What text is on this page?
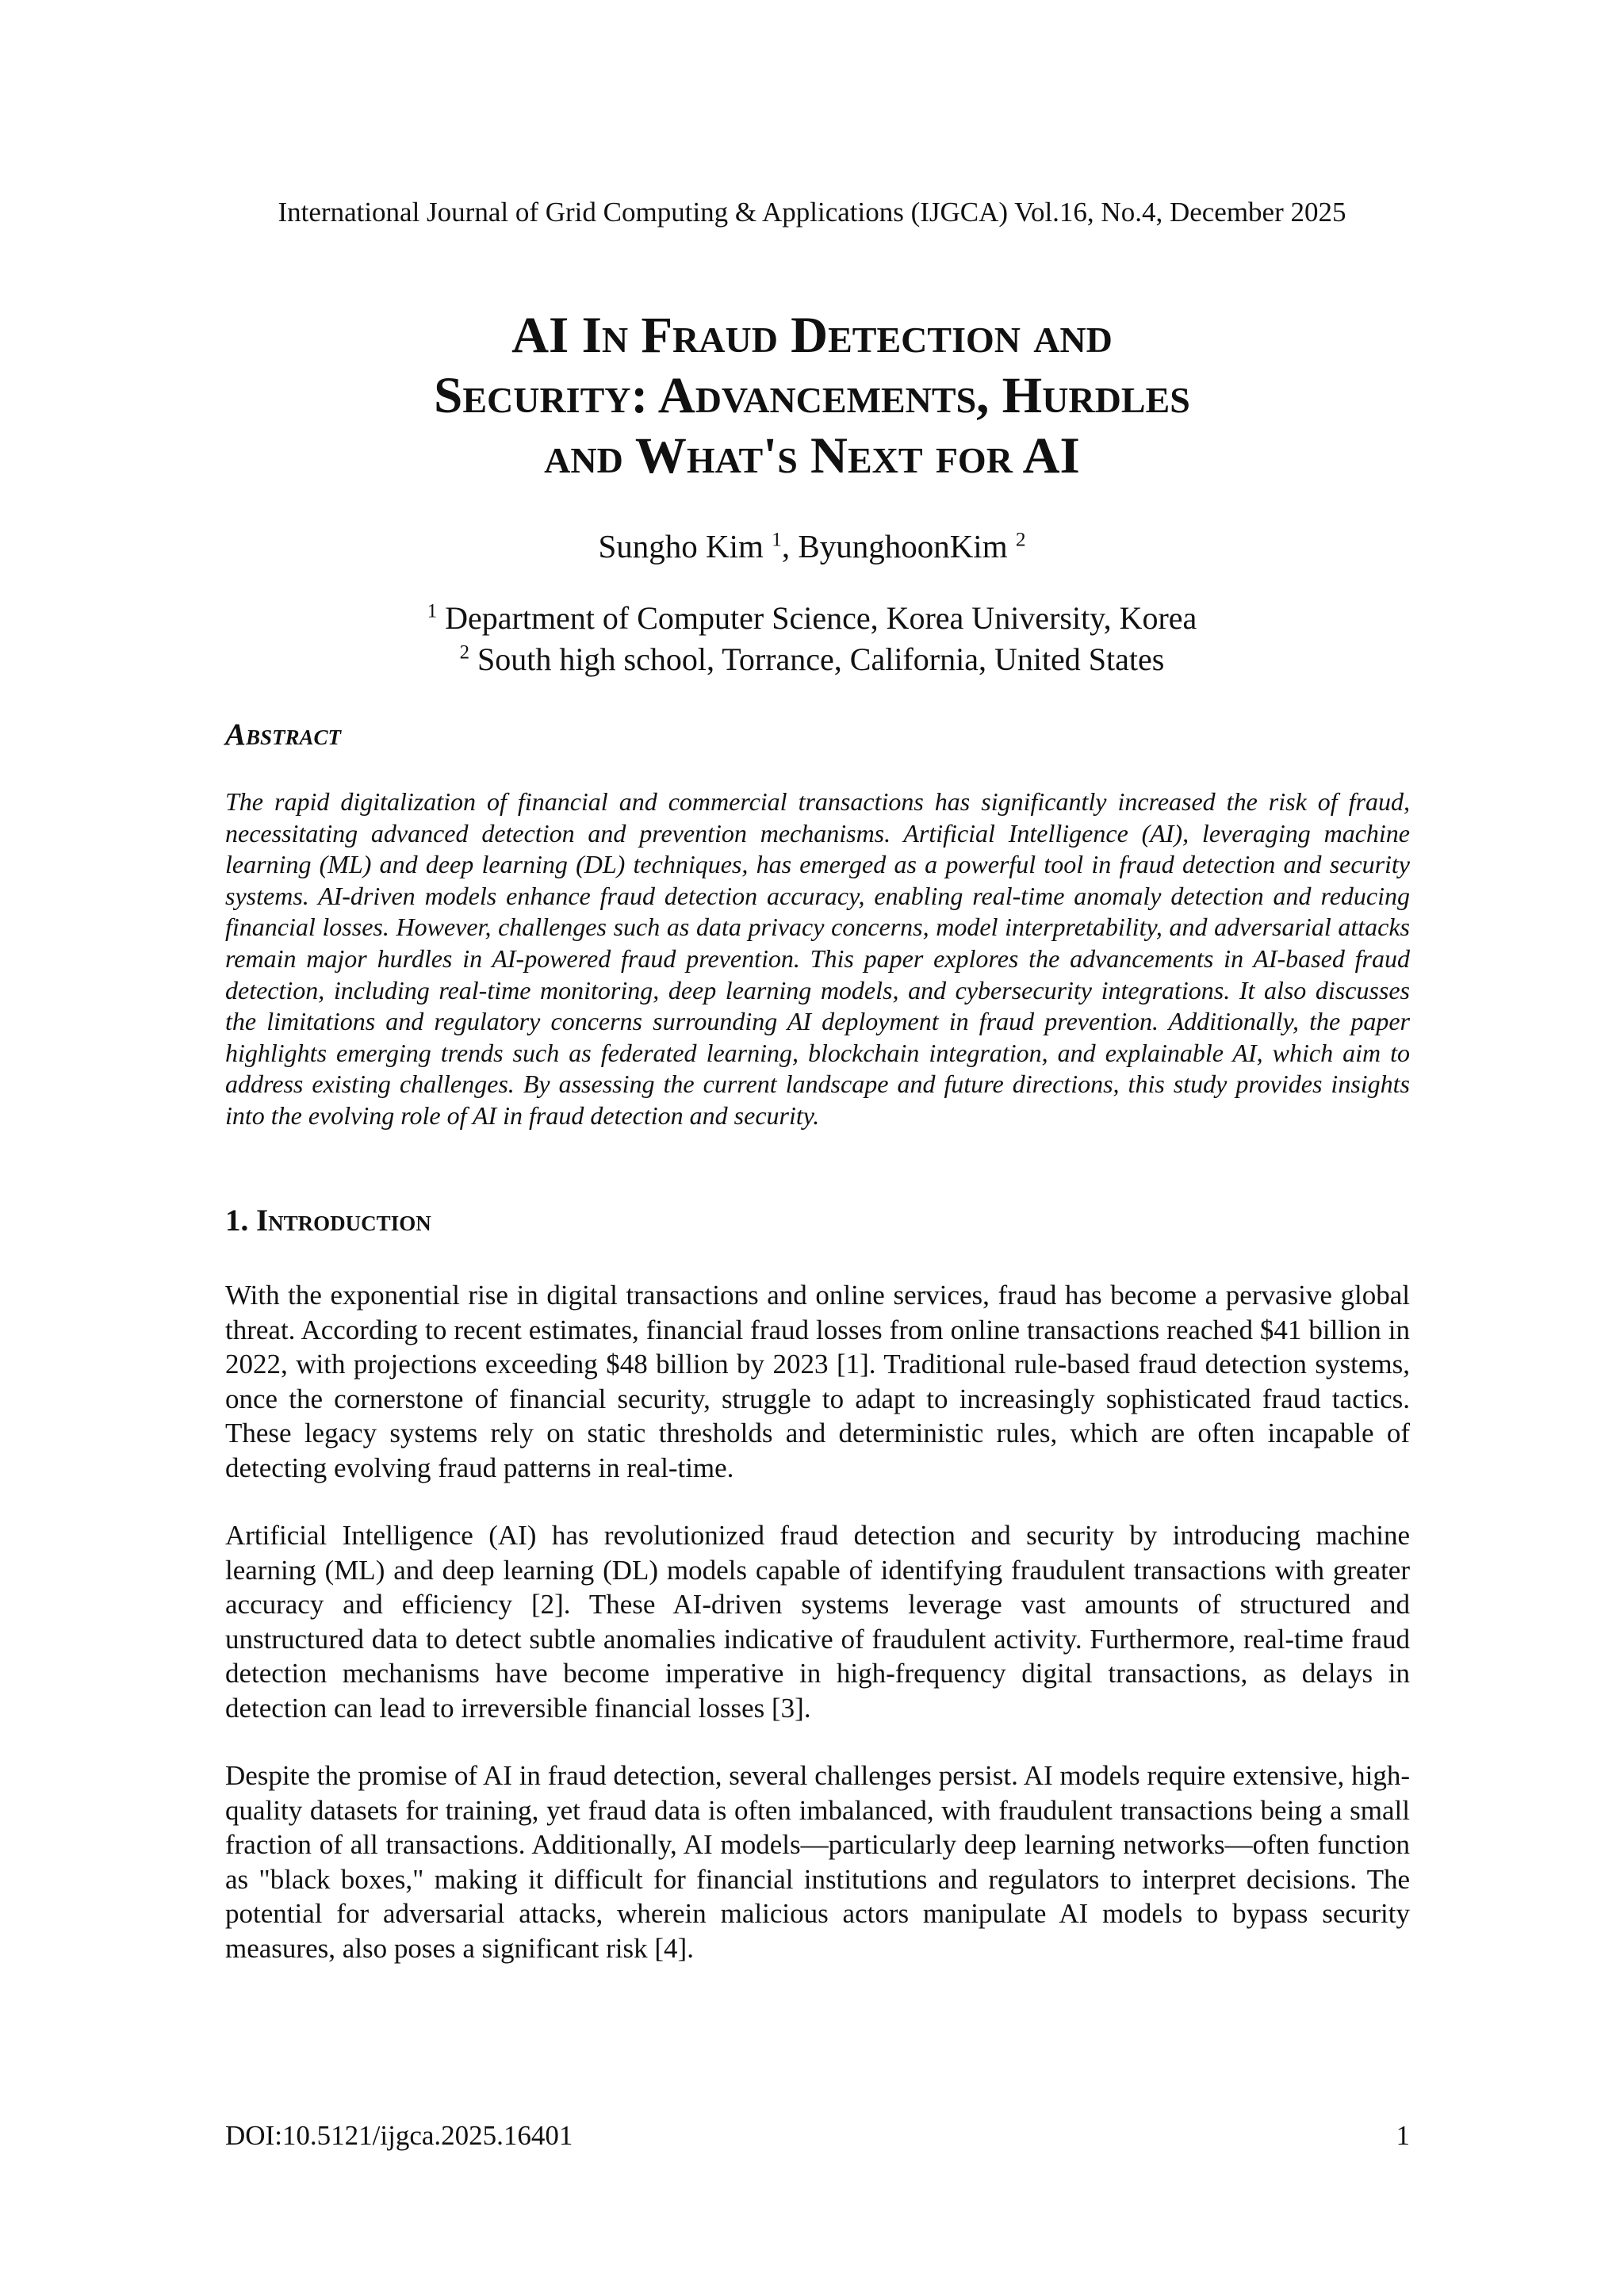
International Journal of Grid Computing & Applications (IJGCA) Vol.16, No.4, December 2025

AI In Fraud Detection and
Security: Advancements, Hurdles
and What's Next for AI

Sungho Kim $^1$, ByunghoonKim $^2$

$^1$ Department of Computer Science, Korea University, Korea
$^2$ South high school, Torrance, California, United States

Abstract

The rapid digitalization of financial and commercial transactions has significantly increased the risk of fraud, necessitating advanced detection and prevention mechanisms. Artificial Intelligence (AI), leveraging machine learning (ML) and deep learning (DL) techniques, has emerged as a powerful tool in fraud detection and security systems. AI-driven models enhance fraud detection accuracy, enabling real-time anomaly detection and reducing financial losses. However, challenges such as data privacy concerns, model interpretability, and adversarial attacks remain major hurdles in AI-powered fraud prevention. This paper explores the advancements in AI-based fraud detection, including real-time monitoring, deep learning models, and cybersecurity integrations. It also discusses the limitations and regulatory concerns surrounding AI deployment in fraud prevention. Additionally, the paper highlights emerging trends such as federated learning, blockchain integration, and explainable AI, which aim to address existing challenges. By assessing the current landscape and future directions, this study provides insights into the evolving role of AI in fraud detection and security.

1. Introduction

With the exponential rise in digital transactions and online services, fraud has become a pervasive global threat. According to recent estimates, financial fraud losses from online transactions reached $41 billion in 2022, with projections exceeding $48 billion by 2023 [1]. Traditional rule-based fraud detection systems, once the cornerstone of financial security, struggle to adapt to increasingly sophisticated fraud tactics. These legacy systems rely on static thresholds and deterministic rules, which are often incapable of detecting evolving fraud patterns in real-time.

Artificial Intelligence (AI) has revolutionized fraud detection and security by introducing machine learning (ML) and deep learning (DL) models capable of identifying fraudulent transactions with greater accuracy and efficiency [2]. These AI-driven systems leverage vast amounts of structured and unstructured data to detect subtle anomalies indicative of fraudulent activity. Furthermore, real-time fraud detection mechanisms have become imperative in high-frequency digital transactions, as delays in detection can lead to irreversible financial losses [3].

Despite the promise of AI in fraud detection, several challenges persist. AI models require extensive, high-quality datasets for training, yet fraud data is often imbalanced, with fraudulent transactions being a small fraction of all transactions. Additionally, AI models—particularly deep learning networks—often function as "black boxes," making it difficult for financial institutions and regulators to interpret decisions. The potential for adversarial attacks, wherein malicious actors manipulate AI models to bypass security measures, also poses a significant risk [4].

DOI:10.5121/ijgca.2025.16401	1
